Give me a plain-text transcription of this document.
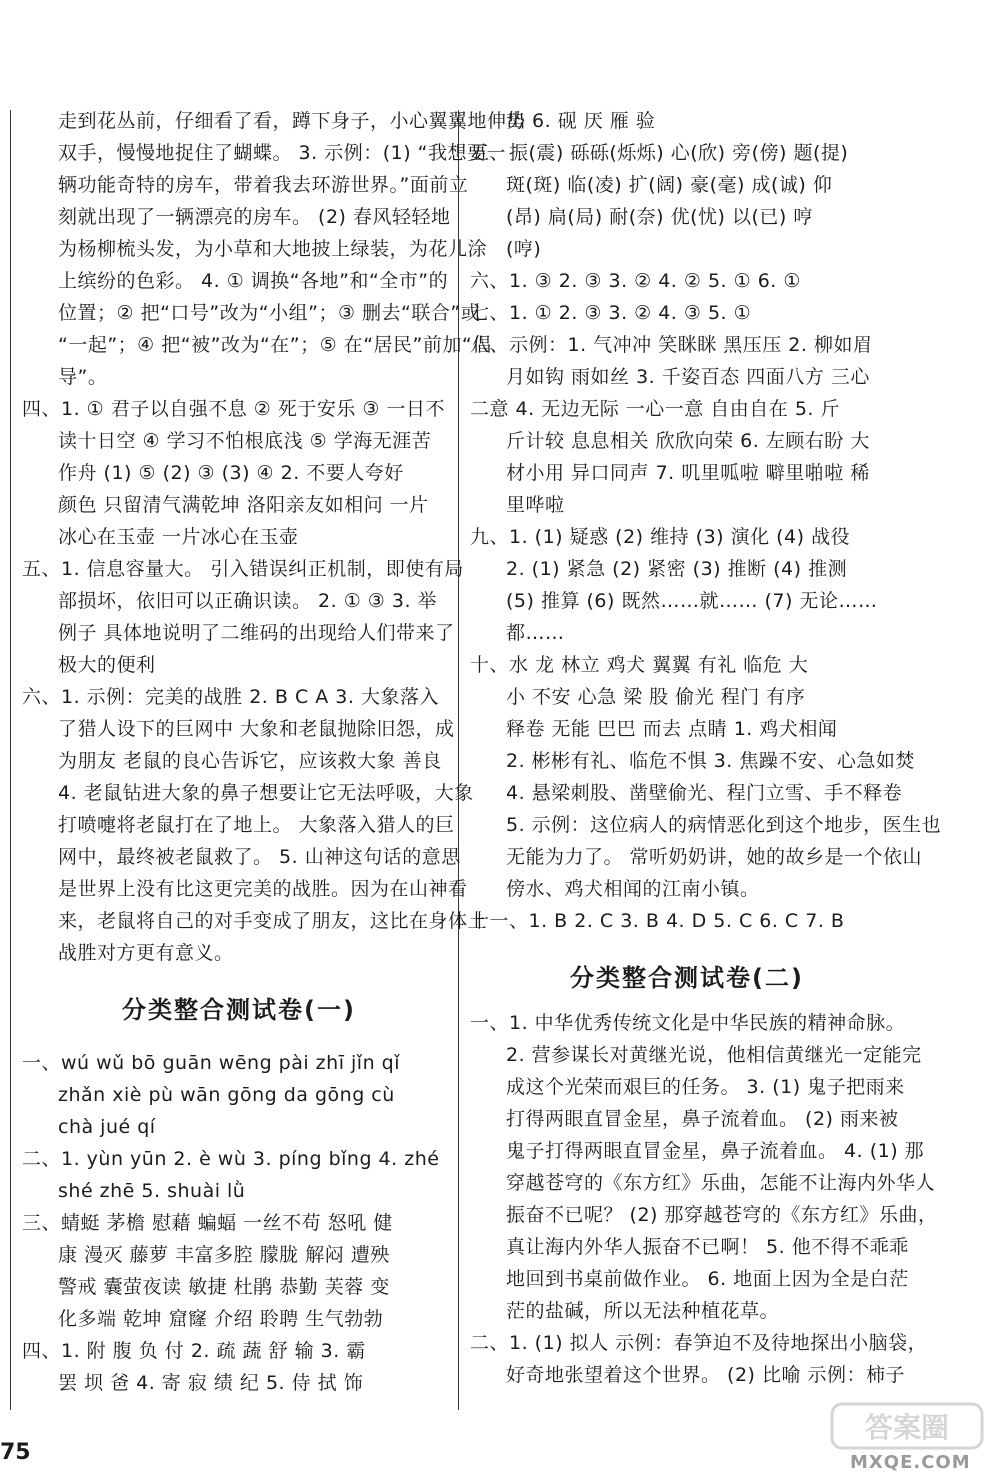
走到花丛前，仔细看了看，蹲下身子，小心翼翼地伸出
双手，慢慢地捉住了蝴蝶。 3. 示例：(1) “我想要一
辆功能奇特的房车，带着我去环游世界。”面前立
刻就出现了一辆漂亮的房车。 (2) 春风轻轻地
为杨柳梳头发，为小草和大地披上绿装，为花儿涂
上缤纷的色彩。 4. ① 调换“各地”和“全市”的
位置；② 把“口号”改为“小组”；③ 删去“联合”或
“一起”；④ 把“被”改为“在”；⑤ 在“居民”前加“倡
导”。
四、1. ① 君子以自强不息 ② 死于安乐 ③ 一日不
读十日空 ④ 学习不怕根底浅 ⑤ 学海无涯苦
作舟 (1) ⑤ (2) ③ (3) ④ 2. 不要人夸好
颜色 只留清气满乾坤 洛阳亲友如相问 一片
冰心在玉壶 一片冰心在玉壶
五、1. 信息容量大。 引入错误纠正机制，即使有局
部损坏，依旧可以正确识读。 2. ① ③ 3. 举
例子 具体地说明了二维码的出现给人们带来了
极大的便利
六、1. 示例：完美的战胜 2. B C A 3. 大象落入
了猎人设下的巨网中 大象和老鼠抛除旧怨，成
为朋友 老鼠的良心告诉它，应该救大象 善良
4. 老鼠钻进大象的鼻子想要让它无法呼吸，大象
打喷嚏将老鼠打在了地上。 大象落入猎人的巨
网中，最终被老鼠救了。 5. 山神这句话的意思
是世界上没有比这更完美的战胜。因为在山神看
来，老鼠将自己的对手变成了朋友，这比在身体上
战胜对方更有意义。
分类整合测试卷(一)
一、wú wǔ bō guān wēng pài zhī jǐn qǐ
zhǎn xiè pù wān gōng da gōng cù
chà jué qí
二、1. yùn yūn 2. è wù 3. píng bǐng 4. zhé
shé zhē 5. shuài lǜ
三、蜻蜓 茅檐 慰藉 蝙蝠 一丝不苟 怒吼 健
康 漫灭 藤萝 丰富多腔 朦胧 解闷 遭殃
警戒 囊萤夜读 敏捷 杜鹃 恭勤 芙蓉 变
化多端 乾坤 窟窿 介绍 聆聘 生气勃勃
四、1. 附 腹 负 付 2. 疏 蔬 舒 输 3. 霸
罢 坝 爸 4. 寄 寂 绩 纪 5. 侍 拭 饰
势 6. 砚 厌 雁 验
五、振(震) 砾砾(烁烁) 心(欣) 旁(傍) 题(提)
斑(斑) 临(凌) 扩(阔) 豪(毫) 成(诚) 仰
(昂) 扃(局) 耐(奈) 优(忧) 以(已) 哼
(哼)
六、1. ③ 2. ③ 3. ② 4. ② 5. ① 6. ①
七、1. ① 2. ③ 3. ② 4. ③ 5. ①
八、示例：1. 气冲冲 笑眯眯 黑压压 2. 柳如眉
月如钩 雨如丝 3. 千姿百态 四面八方 三心
二意 4. 无边无际 一心一意 自由自在 5. 斤
斤计较 息息相关 欣欣向荣 6. 左顾右盼 大
材小用 异口同声 7. 叽里呱啦 噼里啪啦 稀
里哗啦
九、1. (1) 疑惑 (2) 维持 (3) 演化 (4) 战役
2. (1) 紧急 (2) 紧密 (3) 推断 (4) 推测
(5) 推算 (6) 既然……就…… (7) 无论……
都……
十、水 龙 林立 鸡犬 翼翼 有礼 临危 大
小 不安 心急 梁 股 偷光 程门 有序
释卷 无能 巴巴 而去 点睛 1. 鸡犬相闻
2. 彬彬有礼、临危不惧 3. 焦躁不安、心急如焚
4. 悬梁刺股、凿壁偷光、程门立雪、手不释卷
5. 示例：这位病人的病情恶化到这个地步，医生也
无能为力了。 常听奶奶讲，她的故乡是一个依山
傍水、鸡犬相闻的江南小镇。
十一、1. B 2. C 3. B 4. D 5. C 6. C 7. B
分类整合测试卷(二)
一、1. 中华优秀传统文化是中华民族的精神命脉。
2. 营参谋长对黄继光说，他相信黄继光一定能完
成这个光荣而艰巨的任务。 3. (1) 鬼子把雨来
打得两眼直冒金星，鼻子流着血。 (2) 雨来被
鬼子打得两眼直冒金星，鼻子流着血。 4. (1) 那
穿越苍穹的《东方红》乐曲，怎能不让海内外华人
振奋不已呢？ (2) 那穿越苍穹的《东方红》乐曲，
真让海内外华人振奋不已啊！ 5. 他不得不乖乖
地回到书桌前做作业。 6. 地面上因为全是白茫
茫的盐碱，所以无法种植花草。
二、1. (1) 拟人 示例：春笋迫不及待地探出小脑袋，
好奇地张望着这个世界。 (2) 比喻 示例：柿子
75
答案圈
MXQE.COM
